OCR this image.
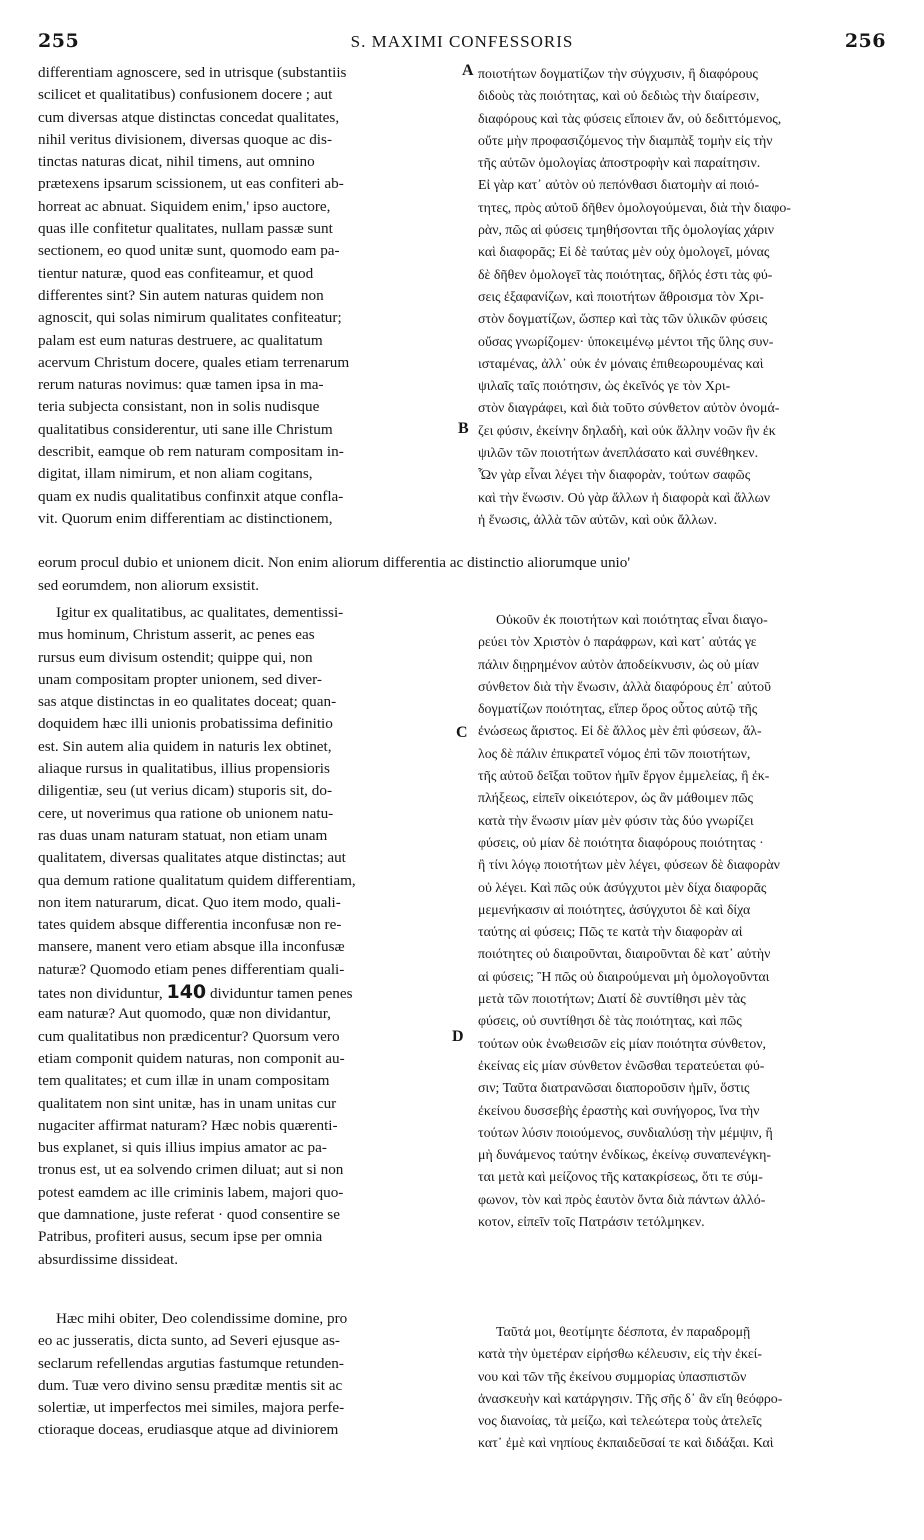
255	S. MAXIMI CONFESSORIS	256
differentiam agnoscere, sed in utrisque (substantiis
scilicet et qualitatibus) confusionem docere ; aut
cum diversas atque distinctas concedat qualitates,
nihil veritus divisionem, diversas quoque ac dis-
tinctas naturas dicat, nihil timens, aut omnino
prætexens ipsarum scissionem, ut eas confiteri ab-
horreat ac abnuat. Siquidem enim,' ipso auctore,
quas ille confitetur qualitates, nullam passæ sunt
sectionem, eo quod unitæ sunt, quomodo eam pa-
tientur naturæ, quod eas confiteamur, et quod
differentes sint? Sin autem naturas quidem non
agnoscit, qui solas nimirum qualitates confiteatur;
palam est eum naturas destruere, ac qualitatum
acervum Christum docere, quales etiam terrenarum
rerum naturas novimus: quæ tamen ipsa in ma-
teria subjecta consistant, non in solis nudisque
qualitatibus considerentur, uti sane ille Christum
describit, eamque ob rem naturam compositam in-
digitat, illam nimirum, et non aliam cogitans,
quam ex nudis qualitatibus confinxit atque confla-
vit. Quorum enim differentiam ac distinctionem,
ποιοτήτων δογματίζων τὴν σύγχυσιν, ἢ διαφόρους
διδοὺς τὰς ποιότητας, καὶ οὐ δεδιὼς τὴν διαίρεσιν,
διαφόρους καὶ τὰς φύσεις εἴποιεν ἄν, οὐ δεδιττόμενος,
οὔτε μὴν προφασιζόμενος τὴν διαμπὰξ τομὴν εἰς τὴν
τῆς αὐτῶν ὁμολογίας ἀποστροφὴν καὶ παραίτησιν.
Εἰ γὰρ κατ᾽ αὐτὸν οὐ πεπόνθασι διατομὴν αἱ ποιό-
τητες, πρὸς αὐτοῦ δῆθεν ὁμολογούμεναι, διὰ τὴν διαφο-
ρὰν, πῶς αἱ φύσεις τμηθήσονται τῆς ὁμολογίας χάριν
καὶ διαφορᾶς; Εἰ δὲ ταύτας μὲν οὐχ ὁμολογεῖ, μόνας
δὲ δῆθεν ὁμολογεῖ τὰς ποιότητας, δῆλός ἐστι τὰς φύ-
σεις ἐξαφανίζων, καὶ ποιοτήτων ἄθροισμα τὸν Χρι-
στὸν δογματίζων, ὥσπερ καὶ τὰς τῶν ὑλικῶν φύσεις
οὔσας γνωρίζομεν· ὑποκειμένῳ μέντοι τῆς ὕλης συν-
ισταμένας, ἀλλ᾽ οὐκ ἐν μόναις ἐπιθεωρουμένας καὶ
ψιλαῖς ταῖς ποιότησιν, ὡς ἐκεῖνός γε τὸν Χρι-
στὸν διαγράφει, καὶ διὰ τοῦτο σύνθετον αὐτὸν ὀνομά-
ζει φύσιν, ἐκείνην δηλαδὴ, καὶ οὐκ ἄλλην νοῶν ἣν ἐκ
ψιλῶν τῶν ποιοτήτων ἀνεπλάσατο καὶ συνέθηκεν.
Ὧν γὰρ εἶναι λέγει τὴν διαφορὰν, τούτων σαφῶς
καὶ τὴν ἕνωσιν. Οὐ γὰρ ἄλλων ἡ διαφορὰ καὶ ἄλλων
ἡ ἕνωσις, ἀλλὰ τῶν αὐτῶν, καὶ οὐκ ἄλλων.
eorum procul dubio et unionem dicit. Non enim aliorum differentia ac distinctio aliorumque unio'
sed eorumdem, non aliorum exsistit.
Igitur ex qualitatibus, ac qualitates, dementissi-
mus hominum, Christum asserit, ac penes eas
rursus eum divisum ostendit; quippe qui, non
unam compositam propter unionem, sed diver-
sas atque distinctas in eo qualitates doceat; quan-
doquidem hæc illi unionis probatissima definitio
est. Sin autem alia quidem in naturis lex obtinet,
aliaque rursus in qualitatibus, illius propensioris
diligentiæ, seu (ut verius dicam) stuporis sit, do-
cere, ut noverimus qua ratione ob unionem natu-
ras duas unam naturam statuat, non etiam unam
qualitatem, diversas qualitates atque distinctas; aut
qua demum ratione qualitatum quidem differentiam,
non item naturarum, dicat. Quo item modo, quali-
tates quidem absque differentia inconfusæ non re-
mansere, manent vero etiam absque illa inconfusæ
naturæ? Quomodo etiam penes differentiam quali-
tates non dividuntur, 140 dividuntur tamen penes
eam naturæ? Aut quomodo, quæ non dividantur,
cum qualitatibus non prædicentur? Quorsum vero
etiam componit quidem naturas, non componit au-
tem qualitates; et cum illæ in unam compositam
qualitatem non sint unitæ, has in unam unitas cur
nugaciter affirmat naturam? Hæc nobis quærenti-
bus explanet, si quis illius impius amator ac pa-
tronus est, ut ea solvendo crimen diluat; aut si non
potest eamdem ac ille criminis labem, majori quo-
que damnatione, juste referat · quod consentire se
Patribus, profiteri ausus, secum ipse per omnia
absurdissime dissideat.
Οὐκοῦν ἐκ ποιοτήτων καὶ ποιότητας εἶναι διαγο-
ρεύει τὸν Χριστὸν ὁ παράφρων, καὶ κατ᾽ αὐτάς γε
πάλιν διῃρημένον αὐτὸν ἀποδείκνυσιν, ὡς οὐ μίαν
σύνθετον διὰ τὴν ἕνωσιν, ἀλλὰ διαφόρους ἐπ᾽ αὐτοῦ
δογματίζων ποιότητας, εἴπερ ὅρος οὗτος αὐτῷ τῆς
ἐνώσεως ἄριστος. Εἰ δὲ ἄλλος μὲν ἐπὶ φύσεων, ἄλ-
λος δὲ πάλιν ἐπικρατεῖ νόμος ἐπὶ τῶν ποιοτήτων,
τῆς αὐτοῦ δεῖξαι τοῦτον ἡμῖν ἔργον ἐμμελείας, ἢ ἐκ-
πλήξεως, εἰπεῖν οἰκειότερον, ὡς ἂν μάθοιμεν πῶς
κατὰ τὴν ἕνωσιν μίαν μὲν φύσιν τὰς δύο γνωρίζει
φύσεις, οὐ μίαν δὲ ποιότητα διαφόρους ποιότητας ·
ἢ τίνι λόγῳ ποιοτήτων μὲν λέγει, φύσεων δὲ διαφορὰν
οὐ λέγει. Καὶ πῶς οὐκ ἀσύγχυτοι μὲν δίχα διαφορᾶς
μεμενήκασιν αἱ ποιότητες, ἀσύγχυτοι δὲ καὶ δίχα
ταύτης αἱ φύσεις; Πῶς τε κατὰ τὴν διαφορὰν αἱ
ποιότητες οὐ διαιροῦνται, διαιροῦνται δὲ κατ᾽ αὐτὴν
αἱ φύσεις; Ἢ πῶς οὐ διαιρούμεναι μὴ ὁμολογοῦνται
μετὰ τῶν ποιοτήτων; Διατί δὲ συντίθησι μὲν τὰς
φύσεις, οὐ συντίθησι δὲ τὰς ποιότητας, καὶ πῶς
τούτων οὐκ ἑνωθεισῶν εἰς μίαν ποιότητα σύνθετον,
ἐκείνας εἰς μίαν σύνθετον ἑνῶσθαι τερατεύεται φύ-
σιν; Ταῦτα διατρανῶσαι διαποροῦσιν ἡμῖν, ὅστις
ἐκείνου δυσσεβὴς ἐραστὴς καὶ συνήγορος, ἵνα τὴν
τούτων λύσιν ποιούμενος, συνδιαλύσῃ τὴν μέμψιν, ἢ
μὴ δυνάμενος ταύτην ἐνδίκως, ἐκείνῳ συναπενέγκη-
ται μετὰ καὶ μείζονος τῆς κατακρίσεως, ὅτι τε σύμ-
φωνον, τὸν καὶ πρὸς ἑαυτὸν ὄντα διὰ πάντων ἀλλό-
κοτον, εἰπεῖν τοῖς Πατράσιν τετόλμηκεν.
Hæc mihi obiter, Deo colendissime domine, pro
eo ac jusseratis, dicta sunto, ad Severi ejusque as-
seclarum refellendas argutias fastumque retunden-
dum. Tuæ vero divino sensu præditæ mentis sit ac
solertiæ, ut imperfectos mei similes, majora perfe-
ctioraque doceas, erudiasque atque ad diviniorem
Ταῦτά μοι, θεοτίμητε δέσποτα, ἐν παραδρομῇ
κατὰ τὴν ὑμετέραν εἰρήσθω κέλευσιν, εἰς τὴν ἐκεί-
νου καὶ τῶν τῆς ἐκείνου συμμορίας ὑπασπιστῶν
ἀνασκευὴν καὶ κατάργησιν. Τῆς σῆς δ᾽ ἂν εἴη θεόφρο-
νος διανοίας, τὰ μείζω, καὶ τελεώτερα τοὺς ἀτελεῖς
κατ᾽ ἐμὲ καὶ νηπίους ἐκπαιδεῦσαί τε καὶ διδάξαι. Καὶ
A
B
C
D
